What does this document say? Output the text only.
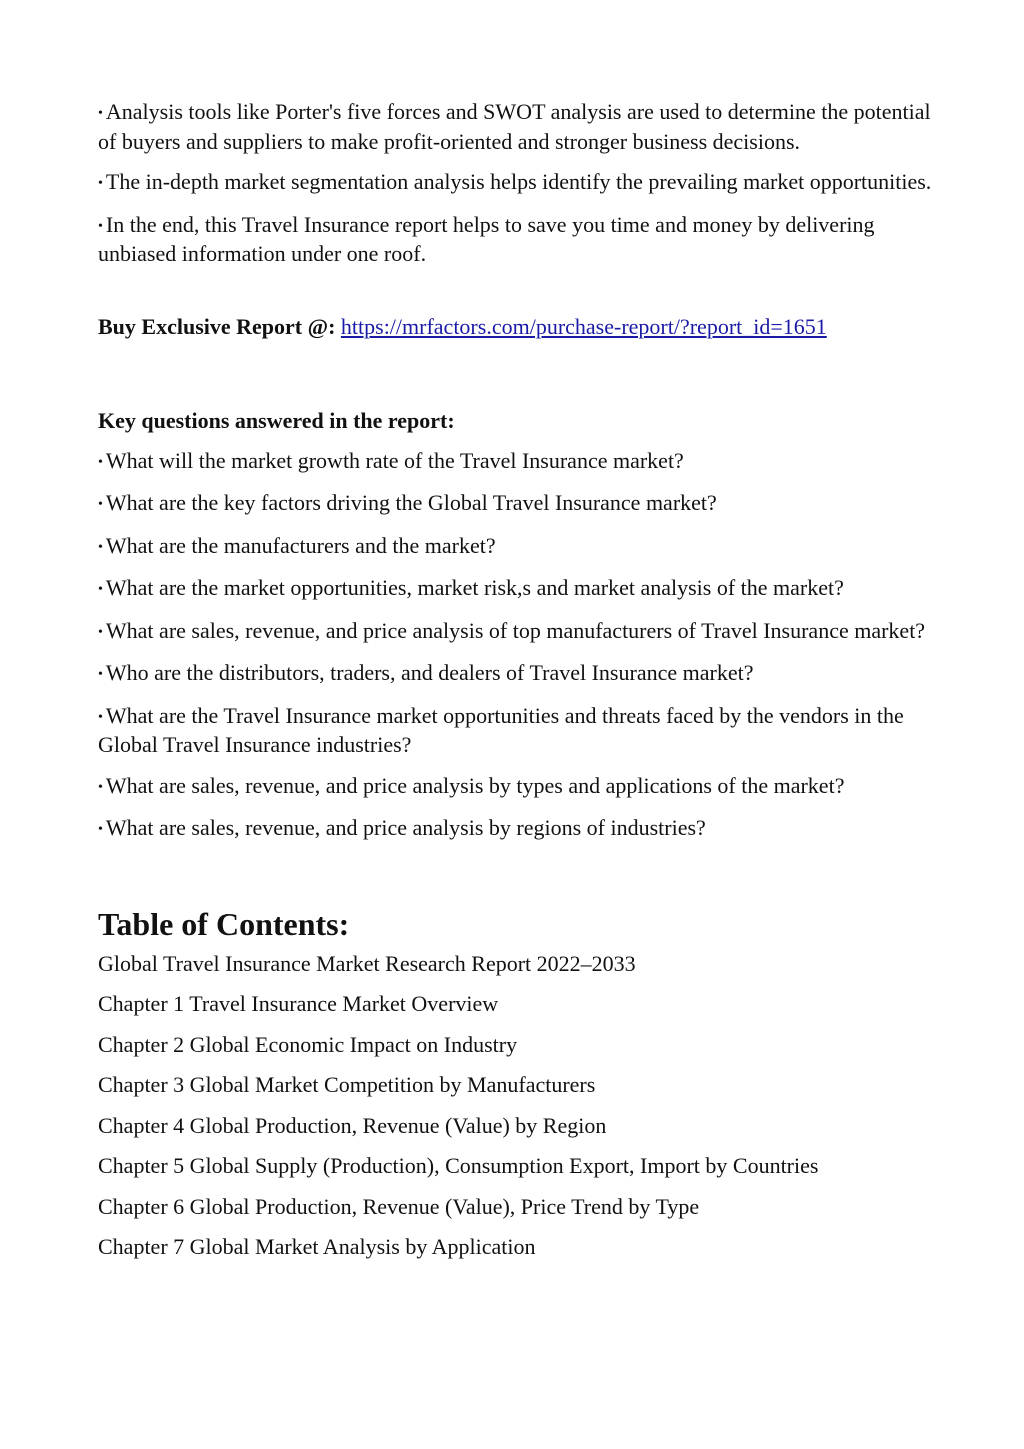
• Analysis tools like Porter's five forces and SWOT analysis are used to determine the potential of buyers and suppliers to make profit-oriented and stronger business decisions.

• The in-depth market segmentation analysis helps identify the prevailing market opportunities.

• In the end, this Travel Insurance report helps to save you time and money by delivering unbiased information under one roof.

Buy Exclusive Report @: https://mrfactors.com/purchase-report/?report_id=1651
Key questions answered in the report:

• What will the market growth rate of the Travel Insurance market?

• What are the key factors driving the Global Travel Insurance market?

• What are the manufacturers and the market?

• What are the market opportunities, market risk,s and market analysis of the market?

• What are sales, revenue, and price analysis of top manufacturers of Travel Insurance market?

• Who are the distributors, traders, and dealers of Travel Insurance market?

• What are the Travel Insurance market opportunities and threats faced by the vendors in the Global Travel Insurance industries?

• What are sales, revenue, and price analysis by types and applications of the market?

• What are sales, revenue, and price analysis by regions of industries?

Table of Contents:

Global Travel Insurance Market Research Report 2022–2033

Chapter 1 Travel Insurance Market Overview

Chapter 2 Global Economic Impact on Industry

Chapter 3 Global Market Competition by Manufacturers

Chapter 4 Global Production, Revenue (Value) by Region

Chapter 5 Global Supply (Production), Consumption Export, Import by Countries

Chapter 6 Global Production, Revenue (Value), Price Trend by Type

Chapter 7 Global Market Analysis by Application
